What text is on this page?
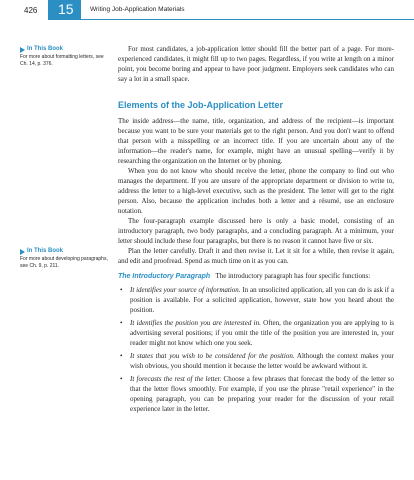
426 15	Writing Job-Application Materials
In This Book
For more about formatting letters, see Ch. 14, p. 376.
In This Book
For more about developing paragraphs, see Ch. 9, p. 211.

For most candidates, a job-application letter should fill the better part of a page. For more-experienced candidates, it might fill up to two pages. Regardless, if you write at length on a minor point, you become boring and appear to have poor judgment. Employers seek candidates who can say a lot in a small space.

Elements of the Job-Application Letter

The inside address—the name, title, organization, and address of the recipient—is important because you want to be sure your materials get to the right person. And you don't want to offend that person with a misspelling or an incorrect title. If you are uncertain about any of the information—the reader's name, for example, might have an unusual spelling—verify it by researching the organization on the Internet or by phoning.

When you do not know who should receive the letter, phone the company to find out who manages the department. If you are unsure of the appropriate department or division to write to, address the letter to a high-level executive, such as the president. The letter will get to the right person. Also, because the application includes both a letter and a résumé, use an enclosure notation.

The four-paragraph example discussed here is only a basic model, consisting of an introductory paragraph, two body paragraphs, and a concluding paragraph. At a minimum, your letter should include these four paragraphs, but there is no reason it cannot have five or six.

Plan the letter carefully. Draft it and then revise it. Let it sit for a while, then revise it again, and edit and proofread. Spend as much time on it as you can.

The Introductory Paragraph The introductory paragraph has four specific functions:

• It identifies your source of information. In an unsolicited application, all you can do is ask if a position is available. For a solicited application, however, state how you heard about the position.
• It identifies the position you are interested in. Often, the organization you are applying to is advertising several positions; if you omit the title of the position you are interested in, your reader might not know which one you seek.
• It states that you wish to be considered for the position. Although the context makes your wish obvious, you should mention it because the letter would be awkward without it.
• It forecasts the rest of the letter. Choose a few phrases that forecast the body of the letter so that the letter flows smoothly. For example, if you use the phrase "retail experience" in the opening paragraph, you can be preparing your reader for the discussion of your retail experience later in the letter.
